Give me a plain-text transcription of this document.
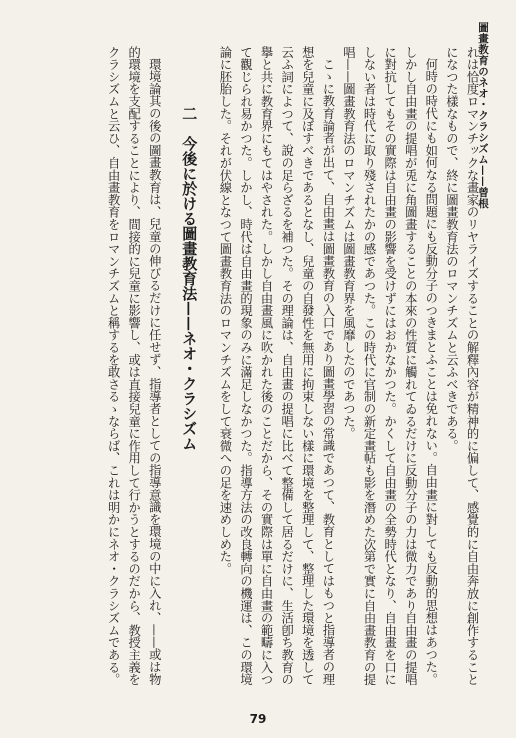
圖畫教育のネオ・クラシズム——曾根

れは恰度ロマンチックな畫家のリヤライズすることの解釋內容が精神的に偏して、感覺的に自由奔放に創作すること

になつた樣なもので、終に圖畫教育法のロマンチズムと云ふべきである。

何時の時代にも如何なる問題にも反動分子のつきまとふことは免れない。自由畫に對しても反動的思想はあつた。しかし自由畫の提唱が兎に角圖畫することの本來の性質に觸れてゐるだけに反動分子の力は微力であり自由畫の提唱に對抗してもその實際は自由畫の影響を受けずにはおかなかつた。かくして自由畫の全勢時代となり、自由畫を口にしない者は時代に取り殘されたかの感であつた。この時代に官制の新定畫帖も影を潛めた次第で實に自由畫教育の提唱——圖畫教育法のロマンチズムは圖畫教育界を風靡したのであつた。

こゝに教育論者が出て、自由畫は圖畫教育の入口であり圖畫學習の常識であつて、教育としてはもつと指導者の理想を兒童に及ぼすべきであるとなし、兒童の自發性を無用に拘束しない樣に環境を整理して、整理した環境を透して云ふ詞によつて、說の足らざるを補つた。その理論は、自由畫の提唱に比べて整備して居るだけに、生活卽ち教育の擧と共に教育界にもてはやされた。しかし自由畫風に吹かれた後のことだから、その實際は單に自由畫の範疇に入つて觀じられ易かつた。しかし、時代は自由畫的現象のみに滿足しなかつた。指導方法の改良轉向の機運は、この環境論に胚胎した。それが伏線となつて圖畫教育法のロマンチズムをして衰微への足を速めしめた。

二　今後に於ける圖畫教育法——ネオ・クラシズム

環境論其の後の圖畫教育は、兒童の伸びるだけに任せず、指導者としての指導意識を環境の中に入れ、——或は物的環境を支配することにより、間接的に兒童に影響し、或は直接兒童に作用して行かうとするのだから、教授主義をクラシズムと云ひ、自由畫教育をロマンチズムと稱するを敢さるゝならば、これは明かにネオ・クラシズムである。

79
